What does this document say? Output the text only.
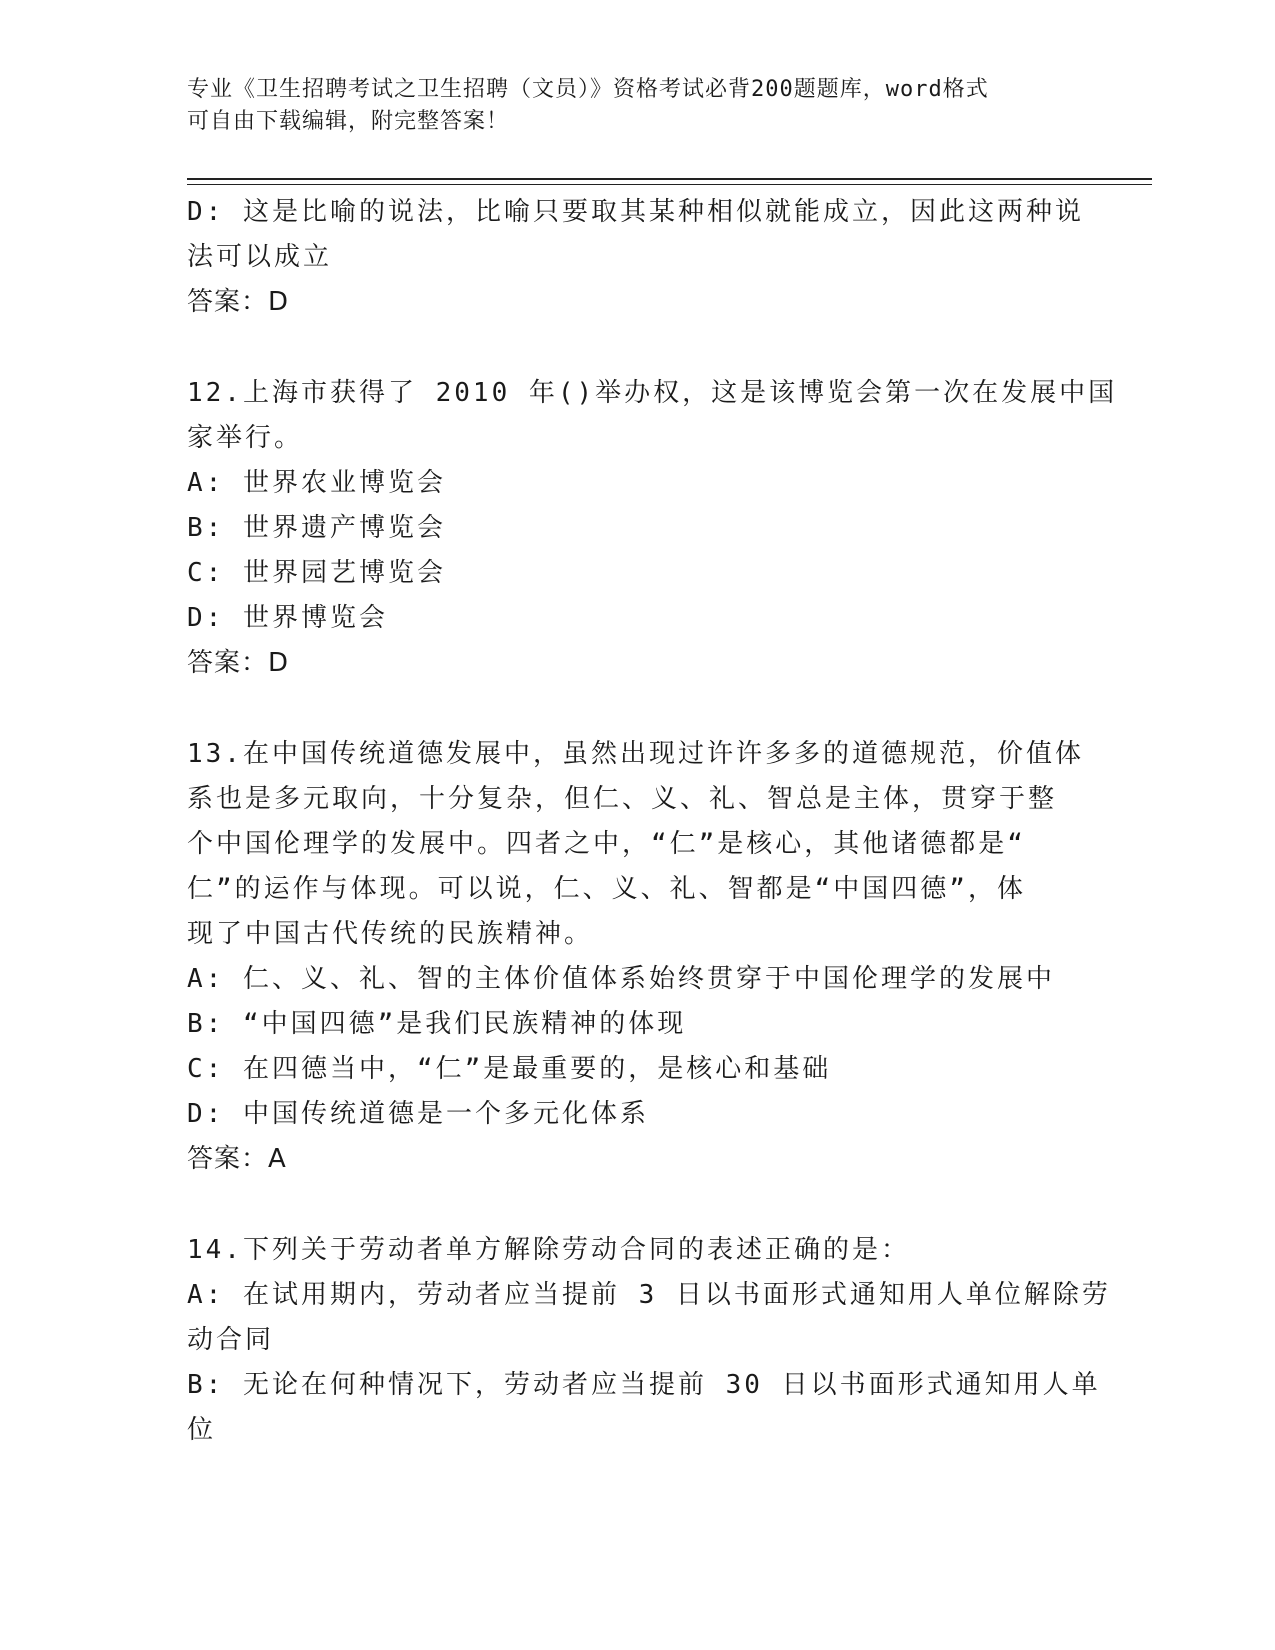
专业《卫生招聘考试之卫生招聘（文员）》资格考试必背200题题库，word格式
可自由下载编辑，附完整答案！
D: 这是比喻的说法，比喻只要取其某种相似就能成立，因此这两种说
法可以成立
答案：D
12.上海市获得了 2010 年()举办权，这是该博览会第一次在发展中国
家举行。
A: 世界农业博览会
B: 世界遗产博览会
C: 世界园艺博览会
D: 世界博览会
答案：D
13.在中国传统道德发展中，虽然出现过许许多多的道德规范，价值体
系也是多元取向，十分复杂，但仁、义、礼、智总是主体，贯穿于整
个中国伦理学的发展中。四者之中，“仁”是核心，其他诸德都是“
仁”的运作与体现。可以说，仁、义、礼、智都是“中国四德”，体
现了中国古代传统的民族精神。
A: 仁、义、礼、智的主体价值体系始终贯穿于中国伦理学的发展中
B: “中国四德”是我们民族精神的体现
C: 在四德当中，“仁”是最重要的，是核心和基础
D: 中国传统道德是一个多元化体系
答案：A
14.下列关于劳动者单方解除劳动合同的表述正确的是：
A: 在试用期内，劳动者应当提前 3 日以书面形式通知用人单位解除劳
动合同
B: 无论在何种情况下，劳动者应当提前 30 日以书面形式通知用人单
位
